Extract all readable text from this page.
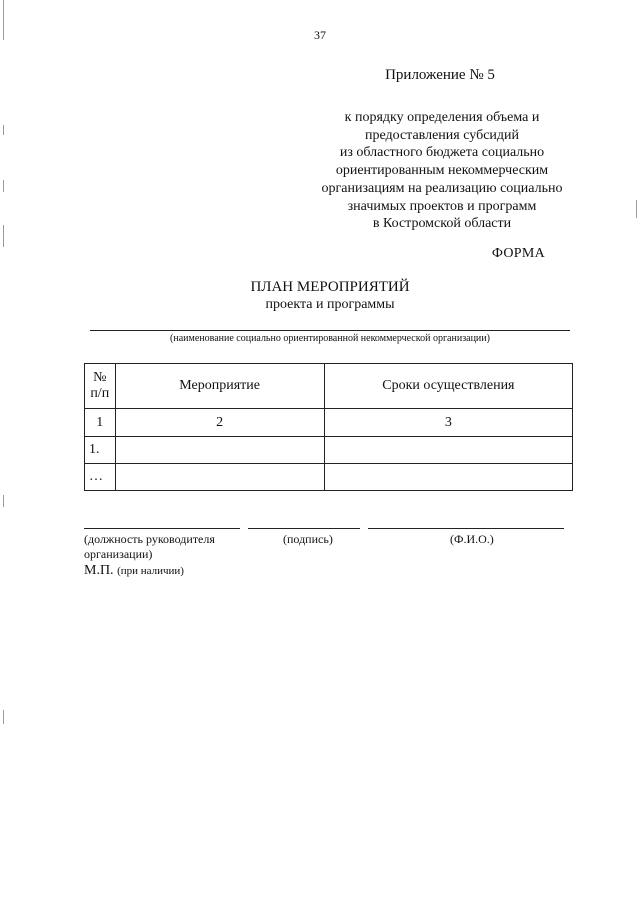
37
Приложение № 5
к порядку определения объема и
предоставления субсидий
из областного бюджета социально
ориентированным некоммерческим
организациям на реализацию социально
значимых проектов и программ
в Костромской области
ФОРМА
ПЛАН МЕРОПРИЯТИЙ
проекта и программы
(наименование социально ориентированной некоммерческой организации)
№
п/п	Мероприятие	Сроки осуществления
1	2	3
1.		
…		
(должность руководителя
организации)
(подпись)	(Ф.И.О.)
М.П. (при наличии)
